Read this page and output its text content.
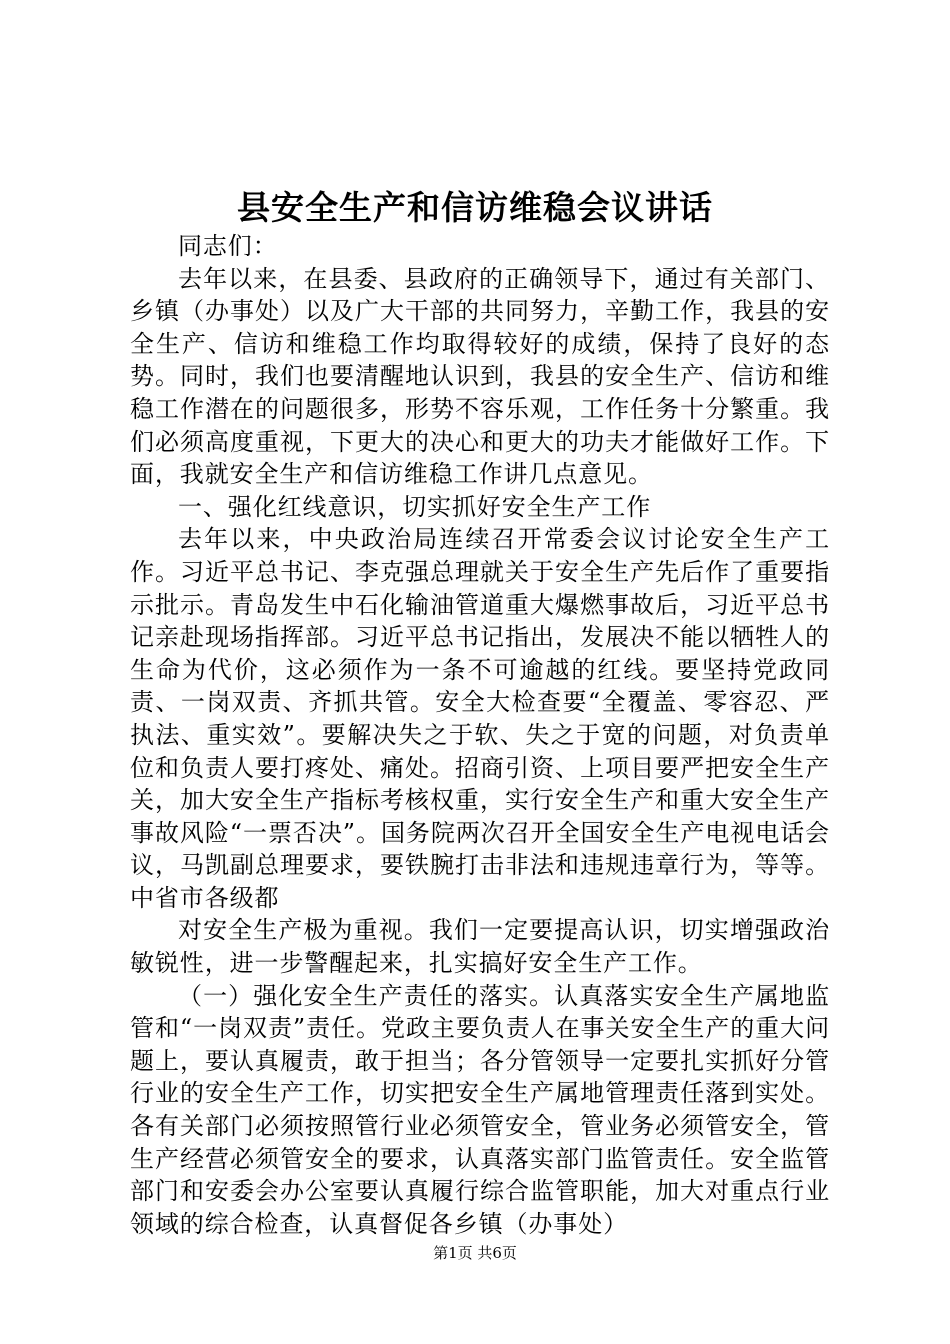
县安全生产和信访维稳会议讲话

同志们：

去年以来，在县委、县政府的正确领导下，通过有关部门、乡镇（办事处）以及广大干部的共同努力，辛勤工作，我县的安全生产、信访和维稳工作均取得较好的成绩，保持了良好的态势。同时，我们也要清醒地认识到，我县的安全生产、信访和维稳工作潜在的问题很多，形势不容乐观，工作任务十分繁重。我们必须高度重视，下更大的决心和更大的功夫才能做好工作。下面，我就安全生产和信访维稳工作讲几点意见。

一、强化红线意识，切实抓好安全生产工作

去年以来，中央政治局连续召开常委会议讨论安全生产工作。习近平总书记、李克强总理就关于安全生产先后作了重要指示批示。青岛发生中石化输油管道重大爆燃事故后，习近平总书记亲赴现场指挥部。习近平总书记指出，发展决不能以牺牲人的生命为代价，这必须作为一条不可逾越的红线。要坚持党政同责、一岗双责、齐抓共管。安全大检查要“全覆盖、零容忍、严执法、重实效”。要解决失之于软、失之于宽的问题，对负责单位和负责人要打疼处、痛处。招商引资、上项目要严把安全生产关，加大安全生产指标考核权重，实行安全生产和重大安全生产事故风险“一票否决”。国务院两次召开全国安全生产电视电话会议，马凯副总理要求，要铁腕打击非法和违规违章行为，等等。中省市各级都

对安全生产极为重视。我们一定要提高认识，切实增强政治敏锐性，进一步警醒起来，扎实搞好安全生产工作。

（一）强化安全生产责任的落实。认真落实安全生产属地监管和“一岗双责”责任。党政主要负责人在事关安全生产的重大问题上，要认真履责，敢于担当；各分管领导一定要扎实抓好分管行业的安全生产工作，切实把安全生产属地管理责任落到实处。各有关部门必须按照管行业必须管安全，管业务必须管安全，管生产经营必须管安全的要求，认真落实部门监管责任。安全监管部门和安委会办公室要认真履行综合监管职能，加大对重点行业领域的综合检查，认真督促各乡镇（办事处）

第1页 共6页
